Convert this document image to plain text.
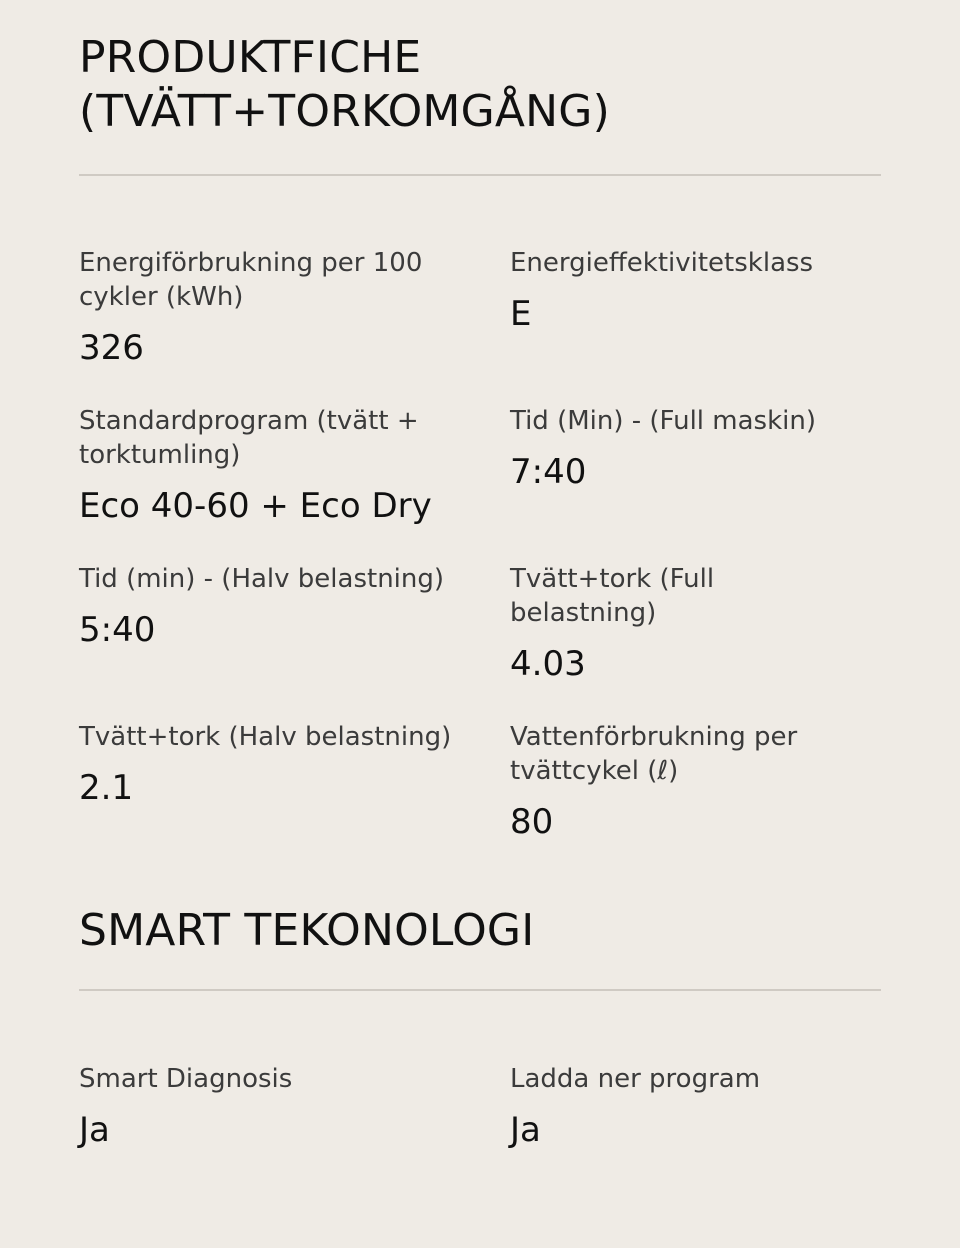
PRODUKTFICHE
(TVÄTT+TORKOMGÅNG)
Energiförbrukning per 100 cykler (kWh)
326
Energieffektivitetsklass
E
Standardprogram (tvätt + torktumling)
Eco 40-60 + Eco Dry
Tid (Min) - (Full maskin)
7:40
Tid (min) - (Halv belastning)
5:40
Tvätt+tork (Full belastning)
4.03
Tvätt+tork (Halv belastning)
2.1
Vattenförbrukning per tvättcykel (ℓ)
80
SMART TEKONOLOGI
Smart Diagnosis
Ja
Ladda ner program
Ja
